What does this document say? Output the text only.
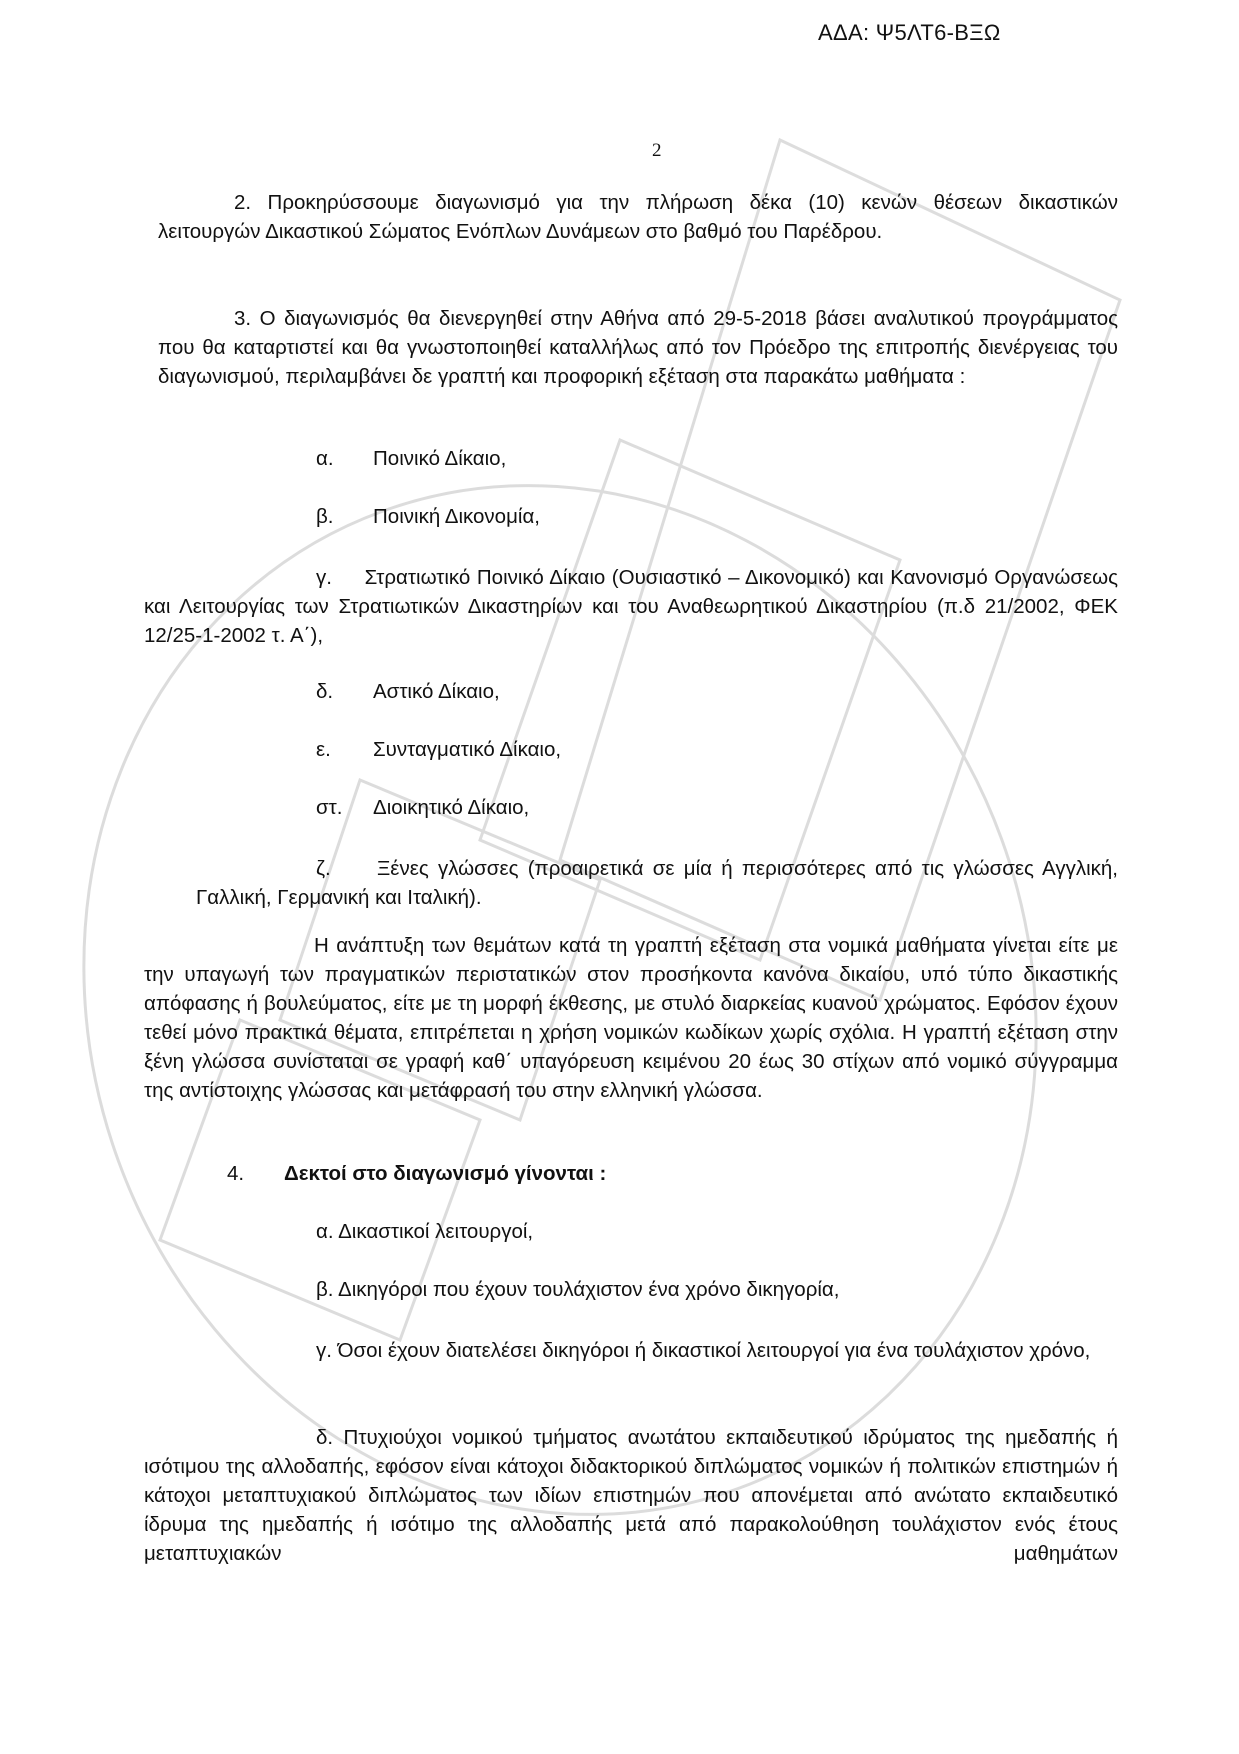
ΑΔΑ: Ψ5ΛΤ6-ΒΞΩ
2
2. Προκηρύσσουμε διαγωνισμό για την πλήρωση δέκα (10) κενών θέσεων δικαστικών λειτουργών Δικαστικού Σώματος Ενόπλων Δυνάμεων στο βαθμό του Παρέδρου.
3. Ο διαγωνισμός θα διενεργηθεί στην Αθήνα από 29-5-2018 βάσει αναλυτικού προγράμματος που θα καταρτιστεί και θα γνωστοποιηθεί καταλλήλως από τον Πρόεδρο της επιτροπής διενέργειας του διαγωνισμού, περιλαμβάνει δε γραπτή και προφορική εξέταση στα παρακάτω μαθήματα :
α. Ποινικό Δίκαιο,
β. Ποινική Δικονομία,
γ. Στρατιωτικό Ποινικό Δίκαιο (Ουσιαστικό – Δικονομικό) και Κανονισμό Οργανώσεως και Λειτουργίας των Στρατιωτικών Δικαστηρίων και του Αναθεωρητικού Δικαστηρίου (π.δ 21/2002, ΦΕΚ 12/25-1-2002 τ. Α΄),
δ. Αστικό Δίκαιο,
ε. Συνταγματικό Δίκαιο,
στ. Διοικητικό Δίκαιο,
ζ. Ξένες γλώσσες (προαιρετικά σε μία ή περισσότερες από τις γλώσσες Αγγλική, Γαλλική, Γερμανική και Ιταλική).
Η ανάπτυξη των θεμάτων κατά τη γραπτή εξέταση στα νομικά μαθήματα γίνεται είτε με την υπαγωγή των πραγματικών περιστατικών στον προσήκοντα κανόνα δικαίου, υπό τύπο δικαστικής απόφασης ή βουλεύματος, είτε με τη μορφή έκθεσης, με στυλό διαρκείας κυανού χρώματος. Εφόσον έχουν τεθεί μόνο πρακτικά θέματα, επιτρέπεται η χρήση νομικών κωδίκων χωρίς σχόλια. Η γραπτή εξέταση στην ξένη γλώσσα συνίσταται σε γραφή καθ΄ υπαγόρευση κειμένου 20 έως 30 στίχων από νομικό σύγγραμμα της αντίστοιχης γλώσσας και μετάφρασή του στην ελληνική γλώσσα.
4. Δεκτοί στο διαγωνισμό γίνονται :
α. Δικαστικοί λειτουργοί,
β. Δικηγόροι που έχουν τουλάχιστον ένα χρόνο δικηγορία,
γ. Όσοι έχουν διατελέσει δικηγόροι ή δικαστικοί λειτουργοί για ένα τουλάχιστον χρόνο,
δ. Πτυχιούχοι νομικού τμήματος ανωτάτου εκπαιδευτικού ιδρύματος της ημεδαπής ή ισότιμου της αλλοδαπής, εφόσον είναι κάτοχοι διδακτορικού διπλώματος νομικών ή πολιτικών επιστημών ή κάτοχοι μεταπτυχιακού διπλώματος των ιδίων επιστημών που απονέμεται από ανώτατο εκπαιδευτικό ίδρυμα της ημεδαπής ή ισότιμο της αλλοδαπής μετά από παρακολούθηση τουλάχιστον ενός έτους μεταπτυχιακών μαθημάτων
